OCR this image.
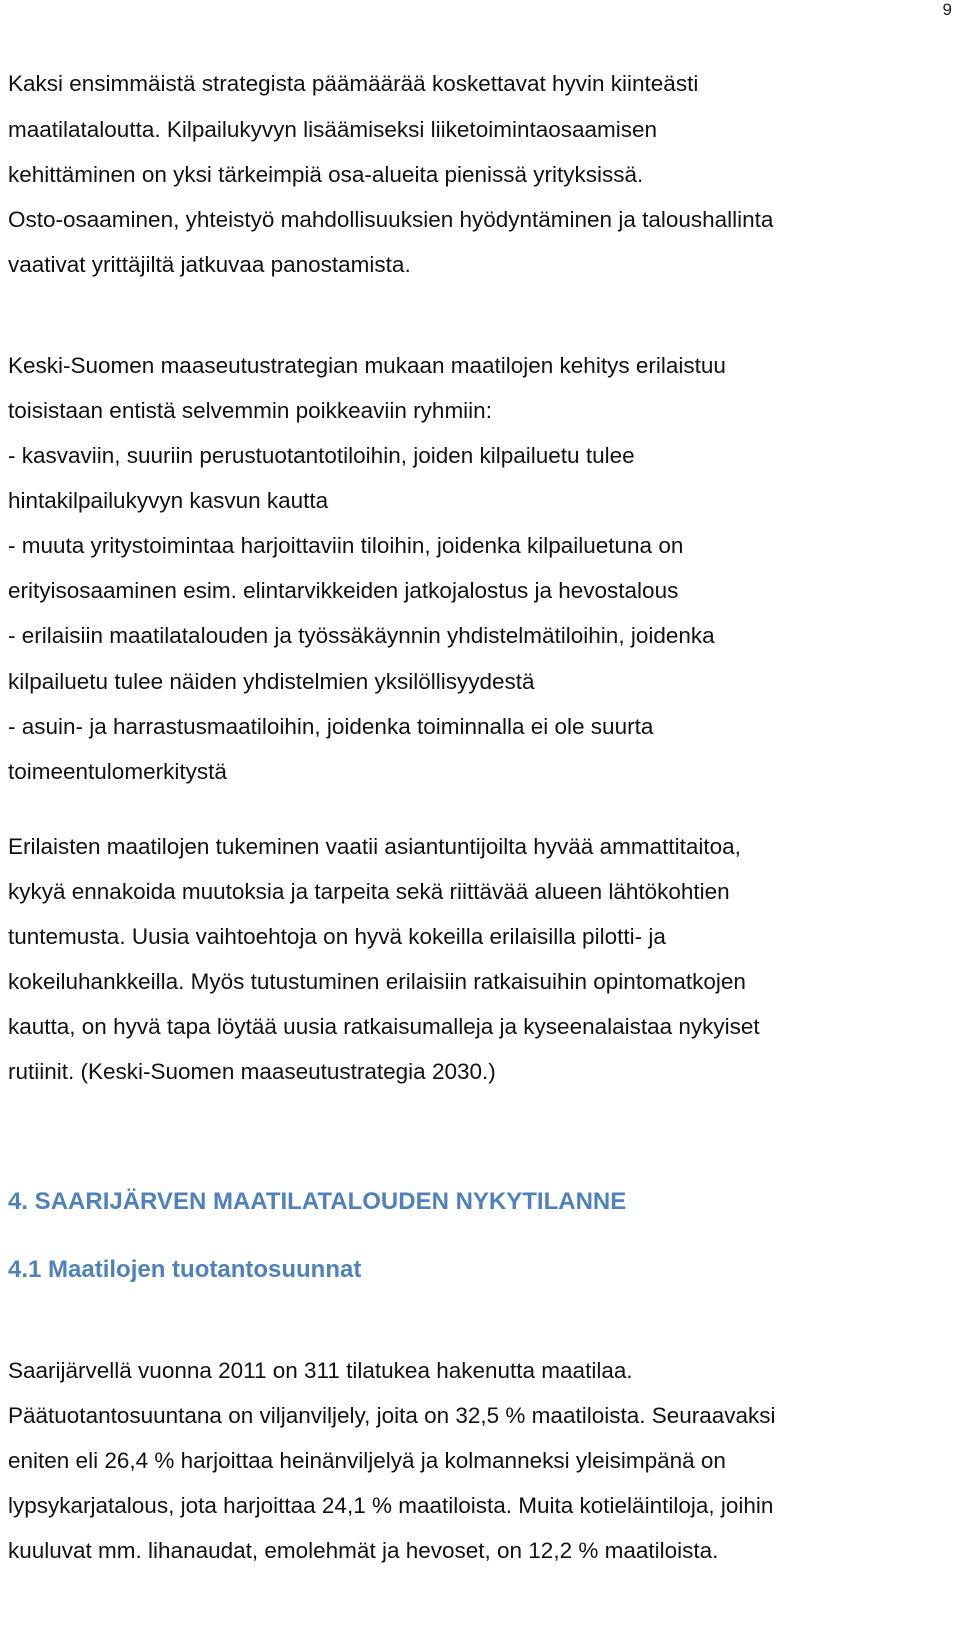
9
Kaksi ensimmäistä strategista päämäärää koskettavat hyvin kiinteästi
maatilataloutta. Kilpailukyvyn lisäämiseksi liiketoimintaosaamisen
kehittäminen on yksi tärkeimpiä osa-alueita pienissä yrityksissä.
Osto-osaaminen, yhteistyö mahdollisuuksien hyödyntäminen ja taloushallinta
vaativat yrittäjiltä jatkuvaa panostamista.
Keski-Suomen maaseutustrategian mukaan maatilojen kehitys erilaistuu
toisistaan entistä selvemmin poikkeaviin ryhmiin:
- kasvaviin, suuriin perustuotantotiloihin, joiden kilpailuetu tulee
hintakilpailukyvyn kasvun kautta
- muuta yritystoimintaa harjoittaviin tiloihin, joidenka kilpailuetuna on
erityisosaaminen esim. elintarvikkeiden jatkojalostus ja hevostalous
- erilaisiin maatilatalouden ja työssäkäynnin yhdistelmätiloihin, joidenka
kilpailuetu tulee näiden yhdistelmien yksilöllisyydestä
- asuin- ja harrastusmaatiloihin, joidenka toiminnalla ei ole suurta
toimeentulomerkitystä
Erilaisten maatilojen tukeminen vaatii asiantuntijoilta hyvää ammattitaitoa,
kykyä ennakoida muutoksia ja tarpeita sekä riittävää alueen lähtökohtien
tuntemusta. Uusia vaihtoehtoja on hyvä kokeilla erilaisilla pilotti- ja
kokeiluhankkeilla. Myös tutustuminen erilaisiin ratkaisuihin opintomatkojen
kautta, on hyvä tapa löytää uusia ratkaisumalleja ja kyseenalaistaa nykyiset
rutiinit. (Keski-Suomen maaseutustrategia 2030.)
4. SAARIJÄRVEN MAATILATALOUDEN NYKYTILANNE
4.1 Maatilojen tuotantosuunnat
Saarijärvellä vuonna 2011 on 311 tilatukea hakenutta maatilaa.
Päätuotantosuuntana on viljanviljely, joita on 32,5 % maatiloista. Seuraavaksi
eniten eli 26,4 % harjoittaa heinänviljelyä ja kolmanneksi yleisimpänä on
lypsykarjatalous, jota harjoittaa 24,1 % maatiloista. Muita kotieläintiloja, joihin
kuuluvat mm. lihanaudat, emolehmät ja hevoset, on 12,2 % maatiloista.
